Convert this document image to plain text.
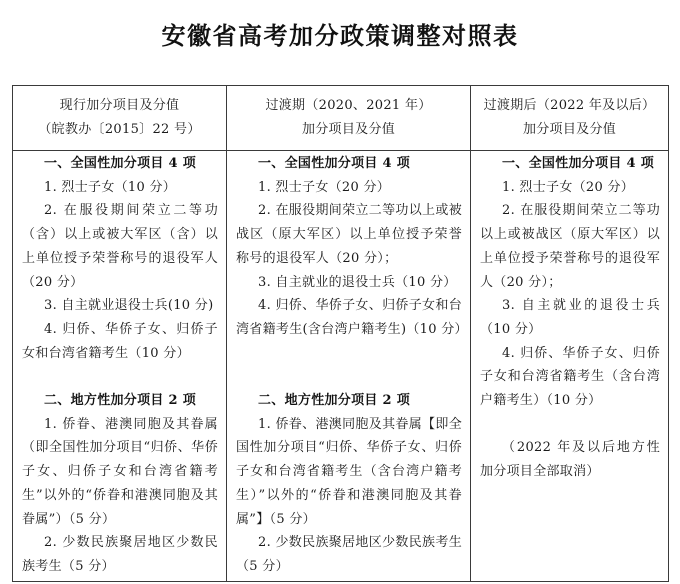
安徽省高考加分政策调整对照表
现行加分项目及分值
（皖教办〔2015〕22 号）
过渡期（2020、2021 年）
加分项目及分值
过渡期后（2022 年及以后）
加分项目及分值

一、全国性加分项目 4 项

1. 烈士子女（10 分）

2. 在服役期间荣立二等功（含）以上或被大军区（含）以上单位授予荣誉称号的退役军人（20 分）

3. 自主就业退役士兵(10 分)

4. 归侨、华侨子女、归侨子女和台湾省籍考生（10 分）

二、地方性加分项目 2 项

1. 侨眷、港澳同胞及其眷属（即全国性加分项目“归侨、华侨子女、归侨子女和台湾省籍考生”以外的“侨眷和港澳同胞及其眷属”）（5 分）

2. 少数民族聚居地区少数民族考生（5 分）

一、全国性加分项目 4 项

1. 烈士子女（20 分）

2. 在服役期间荣立二等功以上或被战区（原大军区）以上单位授予荣誉称号的退役军人（20 分）；

3. 自主就业的退役士兵（10 分）

4. 归侨、华侨子女、归侨子女和台湾省籍考生(含台湾户籍考生)（10 分）

二、地方性加分项目 2 项

1. 侨眷、港澳同胞及其眷属【即全国性加分项目“归侨、华侨子女、归侨子女和台湾省籍考生（含台湾户籍考生）”以外的“侨眷和港澳同胞及其眷属”】（5 分）

2. 少数民族聚居地区少数民族考生（5 分）

一、全国性加分项目 4 项

1. 烈士子女（20 分）

2. 在服役期间荣立二等功以上或被战区（原大军区）以上单位授予荣誉称号的退役军人（20 分）；

3. 自主就业的退役士兵（10 分）

4. 归侨、华侨子女、归侨子女和台湾省籍考生（含台湾户籍考生）（10 分）

（2022 年及以后地方性加分项目全部取消）
